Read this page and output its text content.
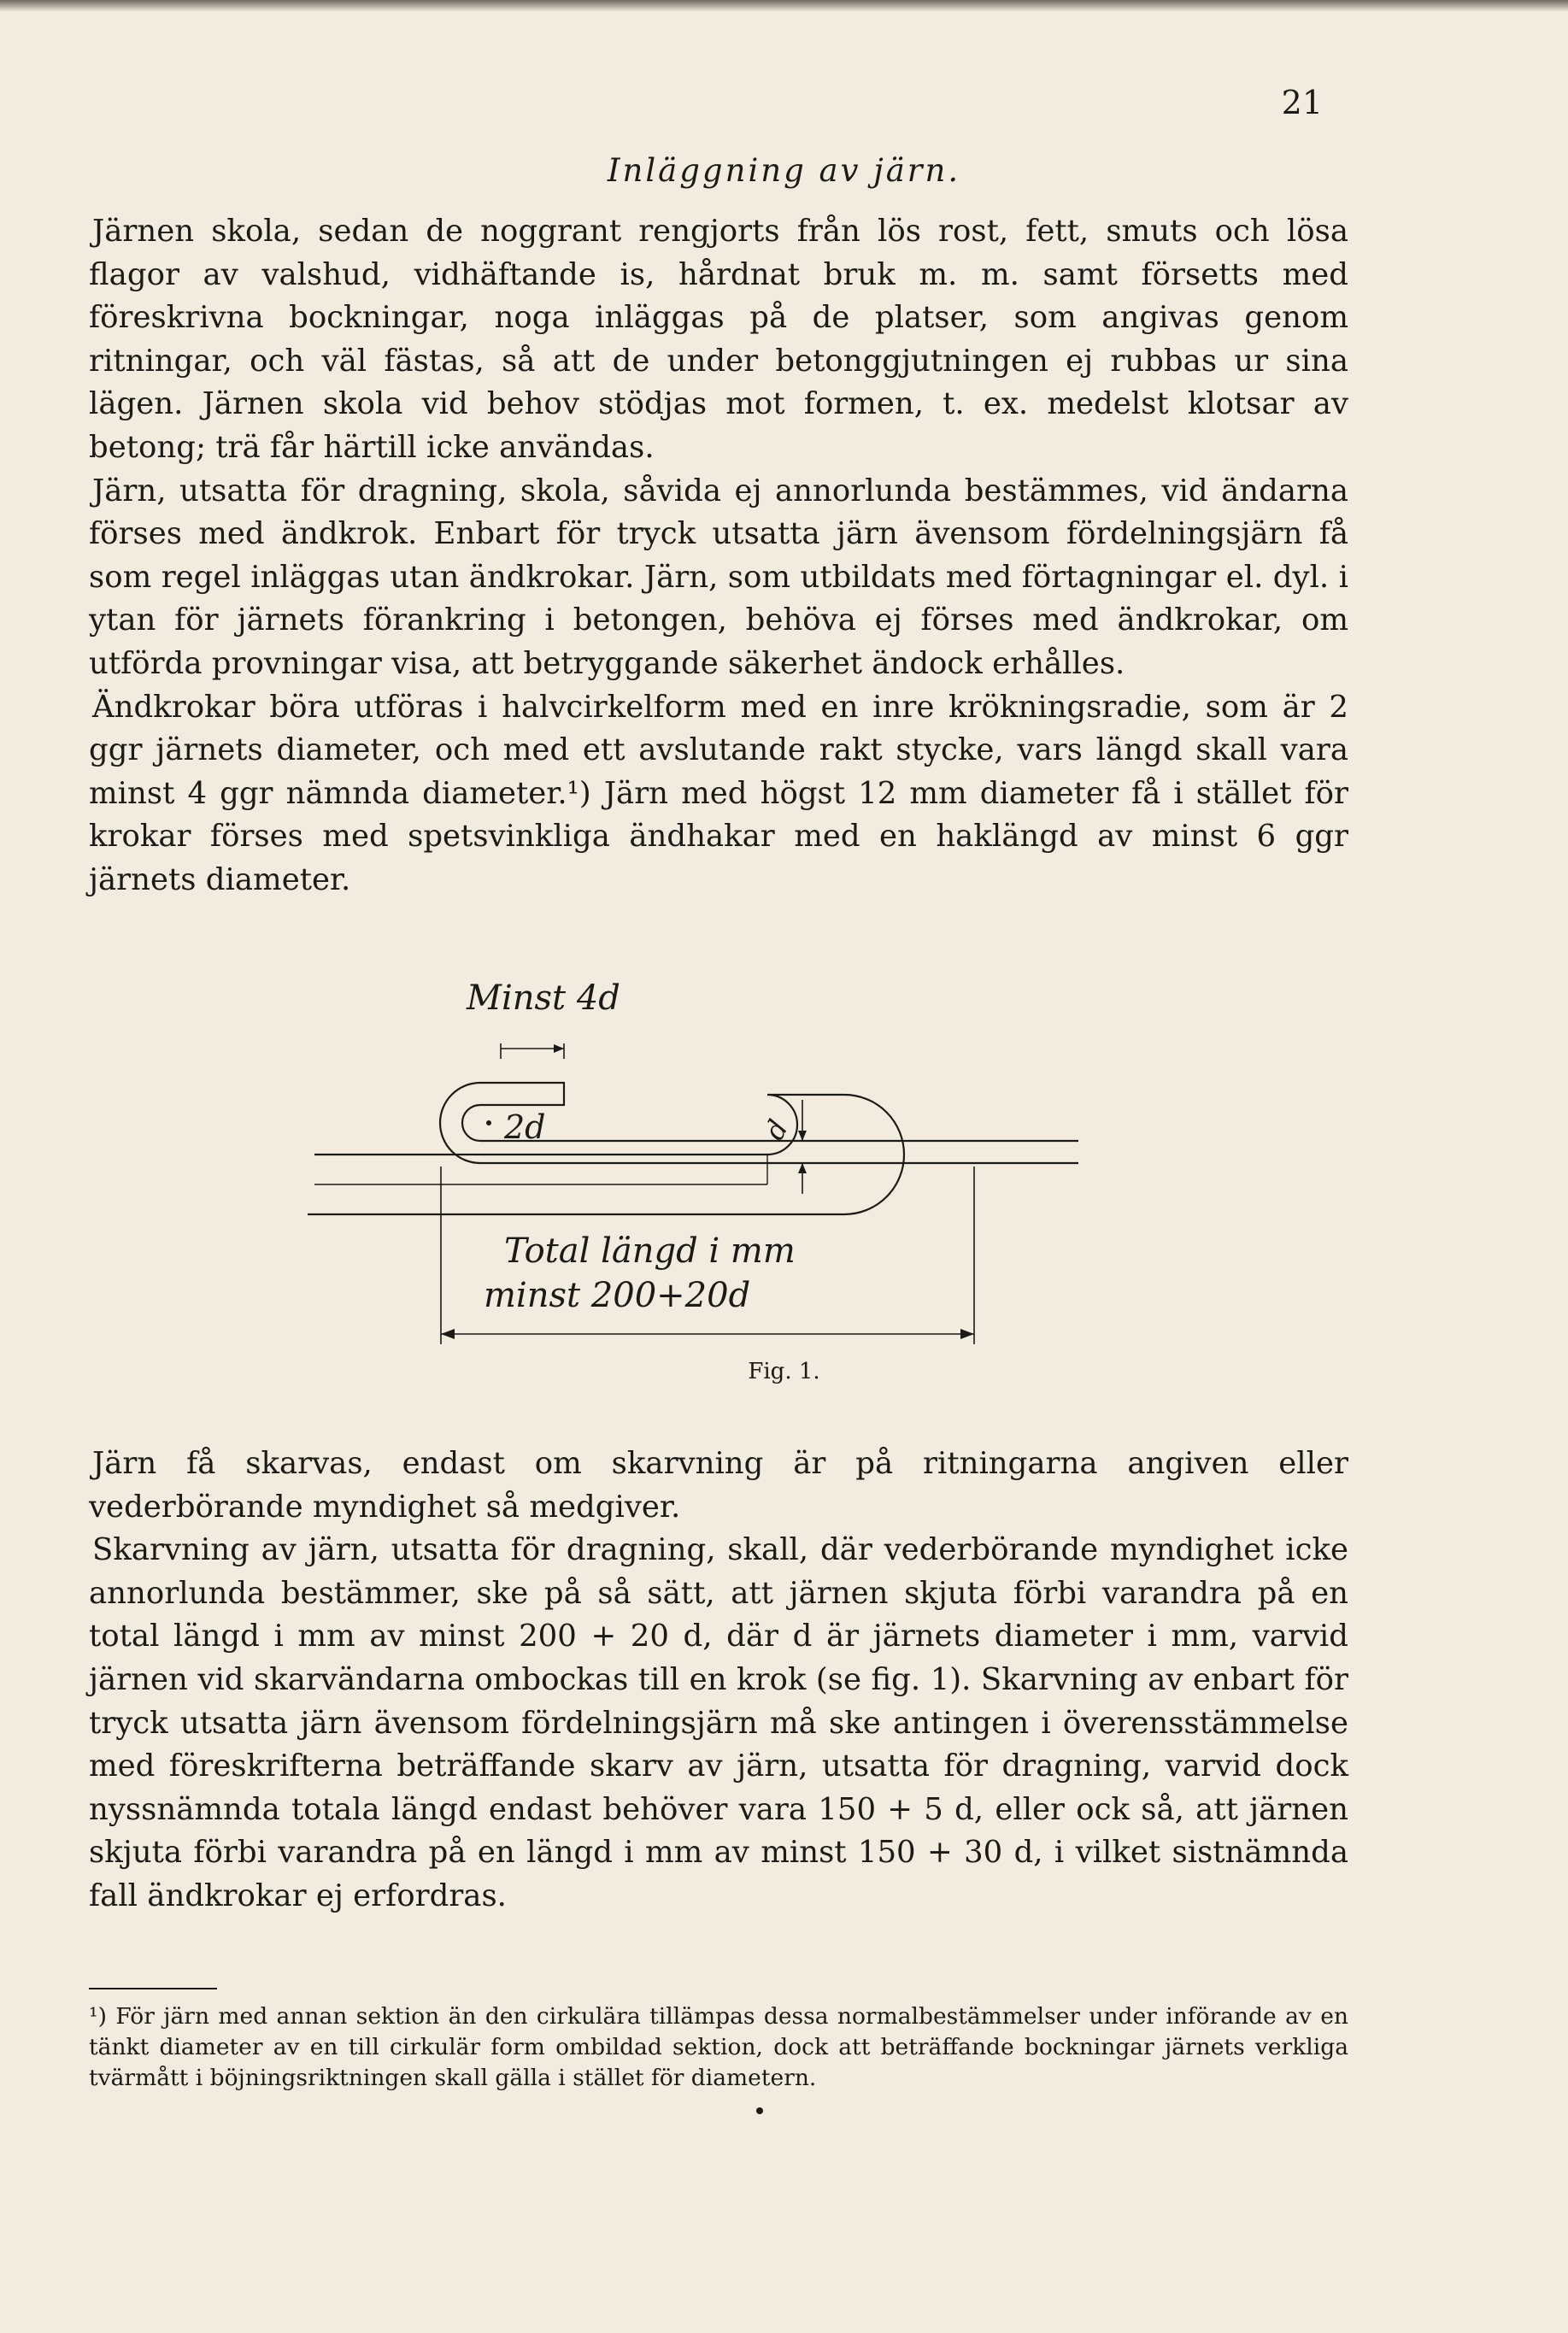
21
Inläggning av järn.

Järnen skola, sedan de noggrant rengjorts från lös rost, fett, smuts och lösa flagor av valshud, vidhäftande is, hårdnat bruk m. m. samt försetts med föreskrivna bockningar, noga inläggas på de platser, som angivas genom ritningar, och väl fästas, så att de under betonggjutningen ej rubbas ur sina lägen. Järnen skola vid behov stödjas mot formen, t. ex. medelst klotsar av betong; trä får härtill icke användas.

Järn, utsatta för dragning, skola, såvida ej annorlunda bestämmes, vid ändarna förses med ändkrok. Enbart för tryck utsatta järn ävensom fördelningsjärn få som regel inläggas utan ändkrokar. Järn, som utbildats med förtagningar el. dyl. i ytan för järnets förankring i betongen, behöva ej förses med ändkrokar, om utförda provningar visa, att betryggande säkerhet ändock erhålles.

Ändkrokar böra utföras i halvcirkelform med en inre krökningsradie, som är 2 ggr järnets diameter, och med ett avslutande rakt stycke, vars längd skall vara minst 4 ggr nämnda diameter.¹) Järn med högst 12 mm diameter få i stället för krokar förses med spetsvinkliga ändhakar med en haklängd av minst 6 ggr järnets diameter.

Minst 4d
2d	d
Total längd i mm
minst 200+20d
Fig. 1.

Järn få skarvas, endast om skarvning är på ritningarna angiven eller vederbörande myndighet så medgiver.

Skarvning av järn, utsatta för dragning, skall, där vederbörande myndighet icke annorlunda bestämmer, ske på så sätt, att järnen skjuta förbi varandra på en total längd i mm av minst 200 + 20 d, där d är järnets diameter i mm, varvid järnen vid skarvändarna ombockas till en krok (se fig. 1). Skarvning av enbart för tryck utsatta järn ävensom fördelningsjärn må ske antingen i överensstämmelse med föreskrifterna beträffande skarv av järn, utsatta för dragning, varvid dock nyssnämnda totala längd endast behöver vara 150 + 5 d, eller ock så, att järnen skjuta förbi varandra på en längd i mm av minst 150 + 30 d, i vilket sistnämnda fall ändkrokar ej erfordras.

¹) För järn med annan sektion än den cirkulära tillämpas dessa normalbestämmelser under införande av en tänkt diameter av en till cirkulär form ombildad sektion, dock att beträffande bockningar järnets verkliga tvärmått i böjningsriktningen skall gälla i stället för diametern.
